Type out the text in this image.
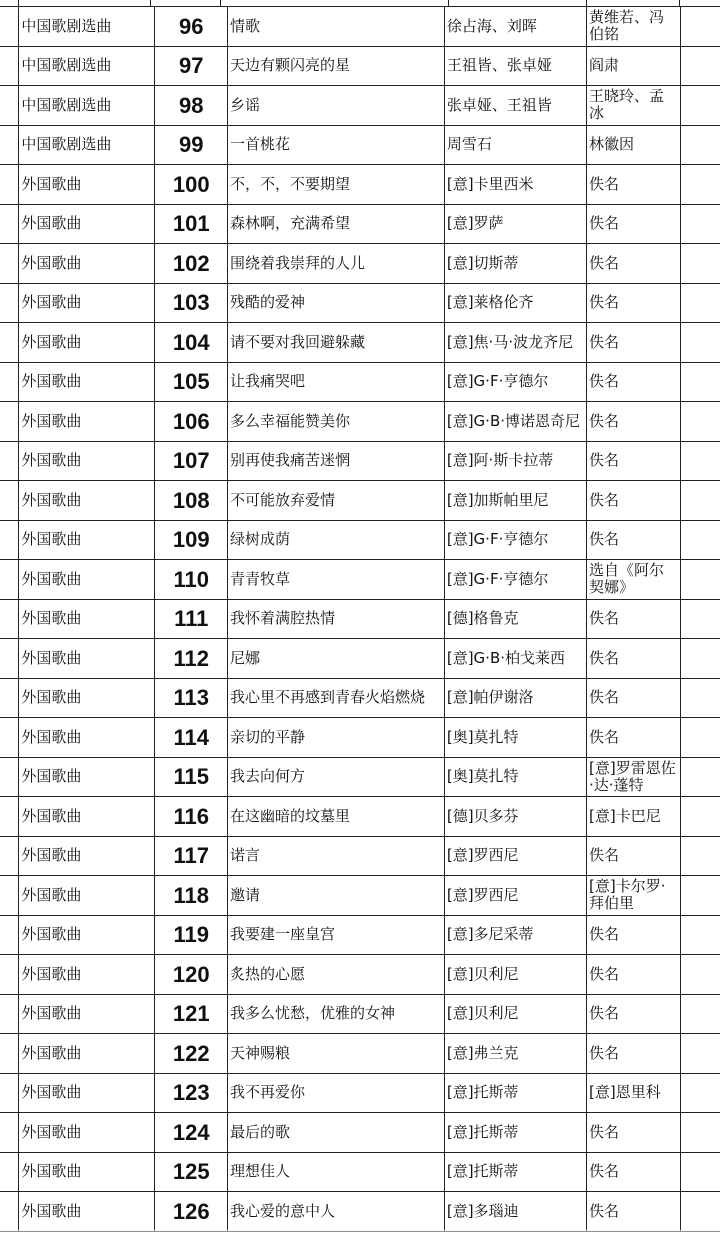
	中国歌剧选曲	96	情歌	徐占海、刘晖	黄维若、冯伯铭	
	中国歌剧选曲	97	天边有颗闪亮的星	王祖皆、张卓娅	阎肃	
	中国歌剧选曲	98	乡谣	张卓娅、王祖皆	王晓玲、孟冰	
	中国歌剧选曲	99	一首桃花	周雪石	林徽因	
	外国歌曲	100	不，不，不要期望	[意]卡里西米	佚名	
	外国歌曲	101	森林啊，充满希望	[意]罗萨	佚名	
	外国歌曲	102	围绕着我崇拜的人儿	[意]切斯蒂	佚名	
	外国歌曲	103	残酷的爱神	[意]莱格伦齐	佚名	
	外国歌曲	104	请不要对我回避躲藏	[意]焦·马·波龙齐尼	佚名	
	外国歌曲	105	让我痛哭吧	[意]G·F·亨德尔	佚名	
	外国歌曲	106	多么幸福能赞美你	[意]G·B·博诺恩奇尼	佚名	
	外国歌曲	107	别再使我痛苦迷惘	[意]阿·斯卡拉蒂	佚名	
	外国歌曲	108	不可能放弃爱情	[意]加斯帕里尼	佚名	
	外国歌曲	109	绿树成荫	[意]G·F·亨德尔	佚名	
	外国歌曲	110	青青牧草	[意]G·F·亨德尔	选自《阿尔契娜》	
	外国歌曲	111	我怀着满腔热情	[德]格鲁克	佚名	
	外国歌曲	112	尼娜	[意]G·B·柏戈莱西	佚名	
	外国歌曲	113	我心里不再感到青春火焰燃烧	[意]帕伊谢洛	佚名	
	外国歌曲	114	亲切的平静	[奥]莫扎特	佚名	
	外国歌曲	115	我去向何方	[奥]莫扎特	[意]罗雷恩佐·达·蓬特	
	外国歌曲	116	在这幽暗的坟墓里	[德]贝多芬	[意]卡巴尼	
	外国歌曲	117	诺言	[意]罗西尼	佚名	
	外国歌曲	118	邀请	[意]罗西尼	[意]卡尔罗·拜伯里	
	外国歌曲	119	我要建一座皇宫	[意]多尼采蒂	佚名	
	外国歌曲	120	炙热的心愿	[意]贝利尼	佚名	
	外国歌曲	121	我多么忧愁，优雅的女神	[意]贝利尼	佚名	
	外国歌曲	122	天神赐粮	[意]弗兰克	佚名	
	外国歌曲	123	我不再爱你	[意]托斯蒂	[意]恩里科	
	外国歌曲	124	最后的歌	[意]托斯蒂	佚名	
	外国歌曲	125	理想佳人	[意]托斯蒂	佚名	
	外国歌曲	126	我心爱的意中人	[意]多瑙迪	佚名	
